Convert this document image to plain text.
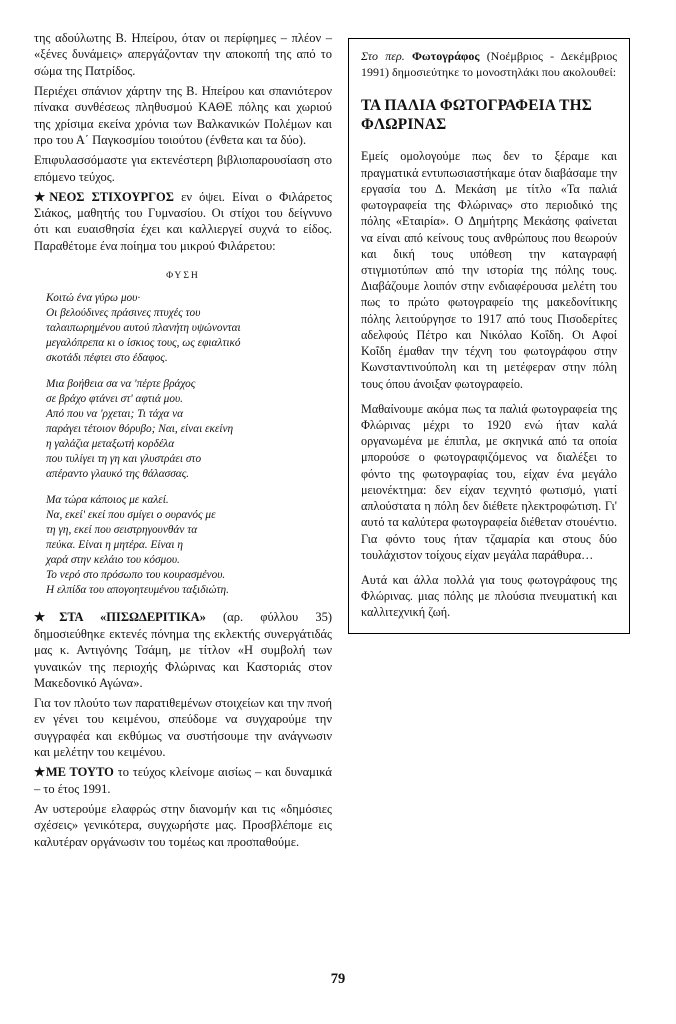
της αδούλωτης Β. Ηπείρου, όταν οι περίφημες – πλέον – «ξένες δυνάμεις» απεργάζονταν την αποκοπή της από το σώμα της Πατρίδος.

Περιέχει σπάνιον χάρτην της Β. Ηπείρου και σπανιότερον πίνακα συνθέσεως πληθυσμού ΚΑΘΕ πόλης και χωριού της χρίσιμα εκείνα χρόνια των Βαλκανικών Πολέμων και προ του Α΄ Παγκοσμίου τοιούτου (ένθετα και τα δύο).

Επιφυλασσόμαστε για εκτενέστερη βιβλιοπαρουσίαση στο επόμενο τεύχος.

★ΝΕΟΣ ΣΤΙΧΟΥΡΓΟΣ εν όψει. Είναι ο Φιλάρετος Σιάκος, μαθητής του Γυμνασίου. Οι στίχοι του δείγνυνο ότι και ευαισθησία έχει και καλλιεργεί συχνά το είδος. Παραθέτομε ένα ποίημα του μικρού Φιλάρετου:

ΦΥΣΗ
Κοιτώ ένα γύρω μου·
Οι βελούδινες πράσινες πτυχές του
ταλαιπωρημένου αυτού πλανήτη υψώνονται
μεγαλόπρεπα κι ο ίσκιος τους, ως εφιαλτικό
σκοτάδι πέφτει στο έδαφος.
Μια βοήθεια σα να 'πέρτε βράχος
σε βράχο φτάνει στ' αφτιά μου.
Από που να 'ρχεται; Τι τάχα να
παράγει τέτοιον θόρυβο; Ναι, είναι εκείνη
η γαλάζια μεταξωτή κορδέλα
που τυλίγει τη γη και γλυστράει στο
απέραντο γλαυκό της θάλασσας.
Μα τώρα κάποιος με καλεί.
Να, εκεί' εκεί που σμίγει ο ουρανός με
τη γη, εκεί που σειστρηγουνθάν τα
πεύκα. Είναι η μητέρα. Είναι η
χαρά στην κελάιο του κόσμου.
Το νερό στο πρόσωπο του κουρασμένου.
Η ελπίδα του απογοητευμένου ταξιδιώτη.

★ΣΤΑ «ΠΙΣΩΔΕΡΙΤΙΚΑ» (αρ. φύλλου 35) δημοσιεύθηκε εκτενές πόνημα της εκλεκτής συνεργάτιδάς μας κ. Αντιγόνης Τσάμη, με τίτλον «Η συμβολή των γυναικών της περιοχής Φλώρινας και Καστοριάς στον Μακεδονικό Αγώνα».

Για τον πλούτο των παρατιθεμένων στοιχείων και την πνοή εν γένει του κειμένου, σπεύδομε να συγχαρούμε την συγγραφέα και εκθύμως να συστήσουμε την ανάγνωσιν και μελέτην του κειμένου.

★ΜΕ ΤΟΥΤΟ το τεύχος κλείνομε αισίως – και δυναμικά – το έτος 1991.

Αν υστερούμε ελαφρώς στην διανομήν και τις «δημόσιες σχέσεις» γενικότερα, συγχωρήστε μας. Προσβλέπομε εις καλυτέραν οργάνωσιν του τομέως και προσπαθούμε.

Στο περ. Φωτογράφος (Νοέμβριος - Δεκέμβριος 1991) δημοσιεύτηκε το μονοστηλάκι που ακολουθεί:
ΤΑ ΠΑΛΙΑ ΦΩΤΟΓΡΑΦΕΙΑ ΤΗΣ ΦΛΩΡΙΝΑΣ

Εμείς ομολογούμε πως δεν το ξέραμε και πραγματικά εντυπωσιαστήκαμε όταν διαβάσαμε την εργασία του Δ. Μεκάση με τίτλο «Τα παλιά φωτογραφεία της Φλώρινας» στο περιοδικό της πόλης «Εταιρία». Ο Δημήτρης Μεκάσης φαίνεται να είναι από κείνους τους ανθρώπους που θεωρούν και δική τους υπόθεση την καταγραφή στιγμιοτύπων από την ιστορία της πόλης τους. Διαβάζουμε λοιπόν στην ενδιαφέρουσα μελέτη του πως το πρώτο φωτογραφείο της μακεδονίτικης πόλης λειτούργησε το 1917 από τους Πισοδερίτες αδελφούς Πέτρο και Νικόλαο Κοΐδη. Οι Αφοί Κοΐδη έμαθαν την τέχνη του φωτογράφου στην Κωνσταντινούπολη και τη μετέφεραν στην πόλη τους όπου άνοιξαν φωτογραφείο.

Μαθαίνουμε ακόμα πως τα παλιά φωτογραφεία της Φλώρινας μέχρι το 1920 ενώ ήταν καλά οργανωμένα με έπιπλα, με σκηνικά από τα οποία μπορούσε ο φωτογραφιζόμενος να διαλέξει το φόντο της φωτογραφίας του, είχαν ένα μεγάλο μειονέκτημα: δεν είχαν τεχνητό φωτισμό, γιατί απλούστατα η πόλη δεν διέθετε ηλεκτροφώτιση. Γι' αυτό τα καλύτερα φωτογραφεία διέθεταν στουέντιο. Για φόντο τους ήταν τζαμαρία και στους δύο τουλάχιστον τοίχους είχαν μεγάλα παράθυρα…

Αυτά και άλλα πολλά για τους φωτογράφους της Φλώρινας. μιας πόλης με πλούσια πνευματική και καλλιτεχνική ζωή.

79
